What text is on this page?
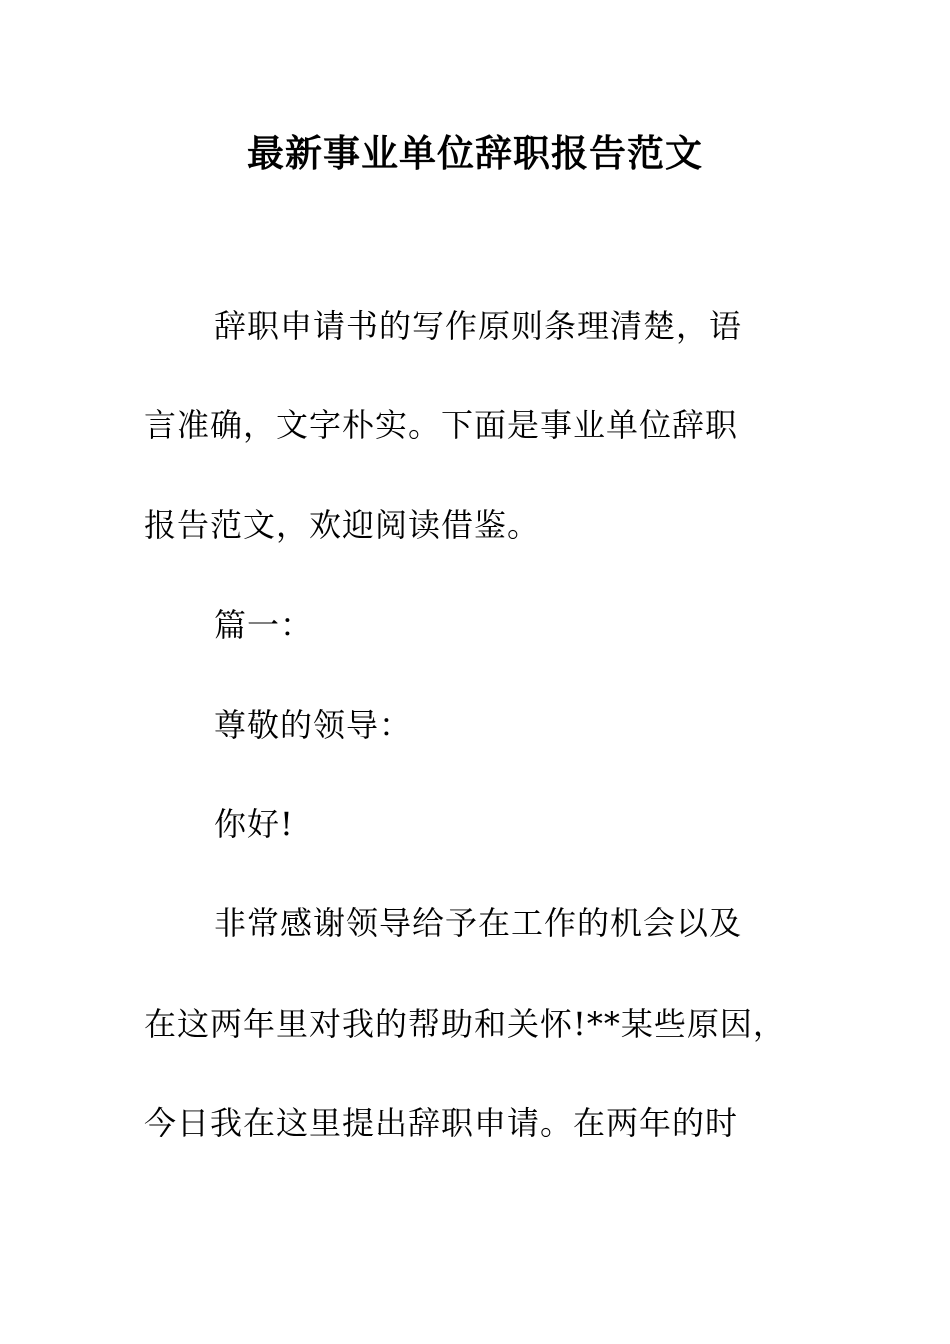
最新事业单位辞职报告范文
辞职申请书的写作原则条理清楚，语
言准确，文字朴实。下面是事业单位辞职
报告范文，欢迎阅读借鉴。
篇一：
尊敬的领导：
你好!
非常感谢领导给予在工作的机会以及
在这两年里对我的帮助和关怀!**某些原因，
今日我在这里提出辞职申请。在两年的时
